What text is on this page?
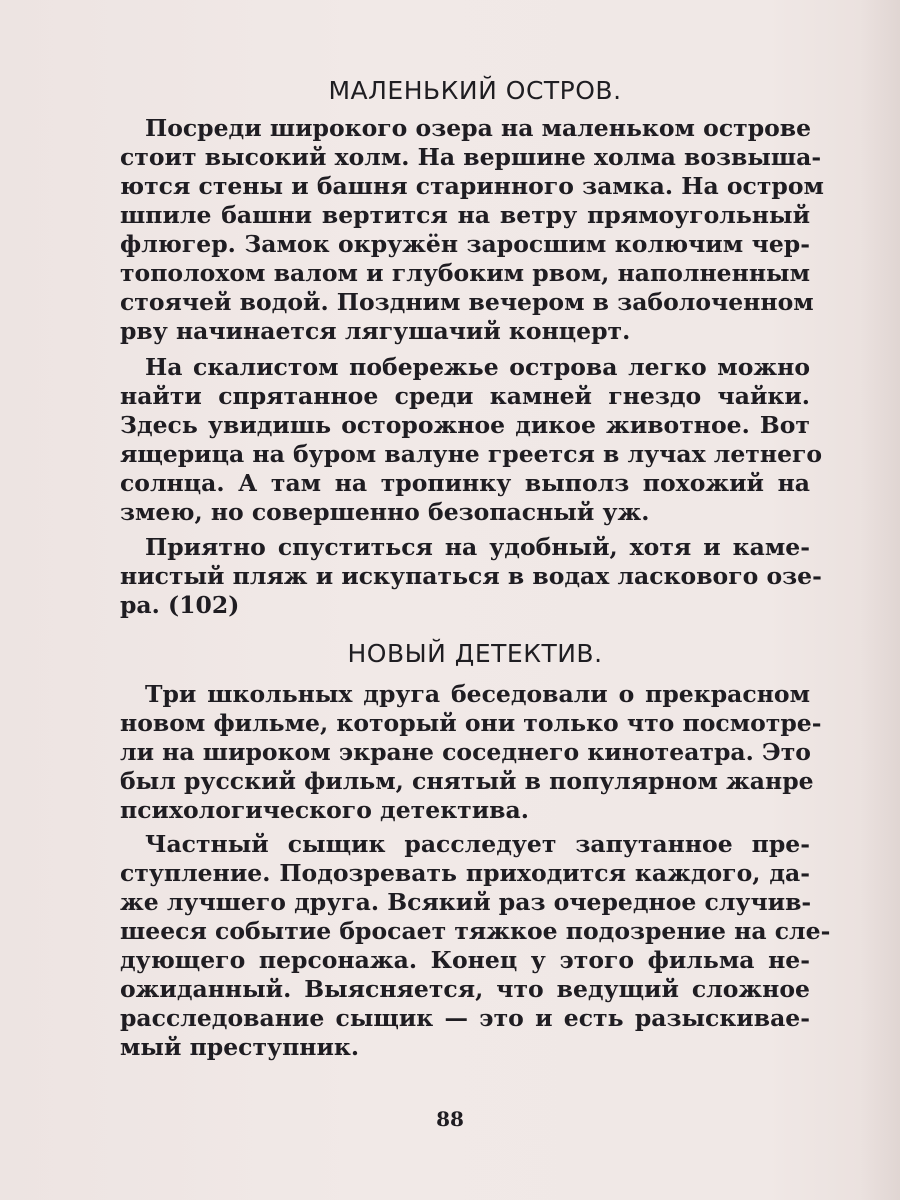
МАЛЕНЬКИЙ ОСТРОВ.
Посреди широкого озера на маленьком острове
стоит высокий холм. На вершине холма возвыша-
ются стены и башня старинного замка. На остром
шпиле башни вертится на ветру прямоугольный
флюгер. Замок окружён заросшим колючим чер-
тополохом валом и глубоким рвом, наполненным
стоячей водой. Поздним вечером в заболоченном
рву начинается лягушачий концерт.
На скалистом побережье острова легко можно
найти спрятанное среди камней гнездо чайки.
Здесь увидишь осторожное дикое животное. Вот
ящерица на буром валуне греется в лучах летнего
солнца. А там на тропинку выполз похожий на
змею, но совершенно безопасный уж.
Приятно спуститься на удобный, хотя и каме-
нистый пляж и искупаться в водах ласкового озе-
ра. (102)
НОВЫЙ ДЕТЕКТИВ.
Три школьных друга беседовали о прекрасном
новом фильме, который они только что посмотре-
ли на широком экране соседнего кинотеатра. Это
был русский фильм, снятый в популярном жанре
психологического детектива.
Частный сыщик расследует запутанное пре-
ступление. Подозревать приходится каждого, да-
же лучшего друга. Всякий раз очередное случив-
шееся событие бросает тяжкое подозрение на сле-
дующего персонажа. Конец у этого фильма не-
ожиданный. Выясняется, что ведущий сложное
расследование сыщик — это и есть разыскивае-
мый преступник.
88
